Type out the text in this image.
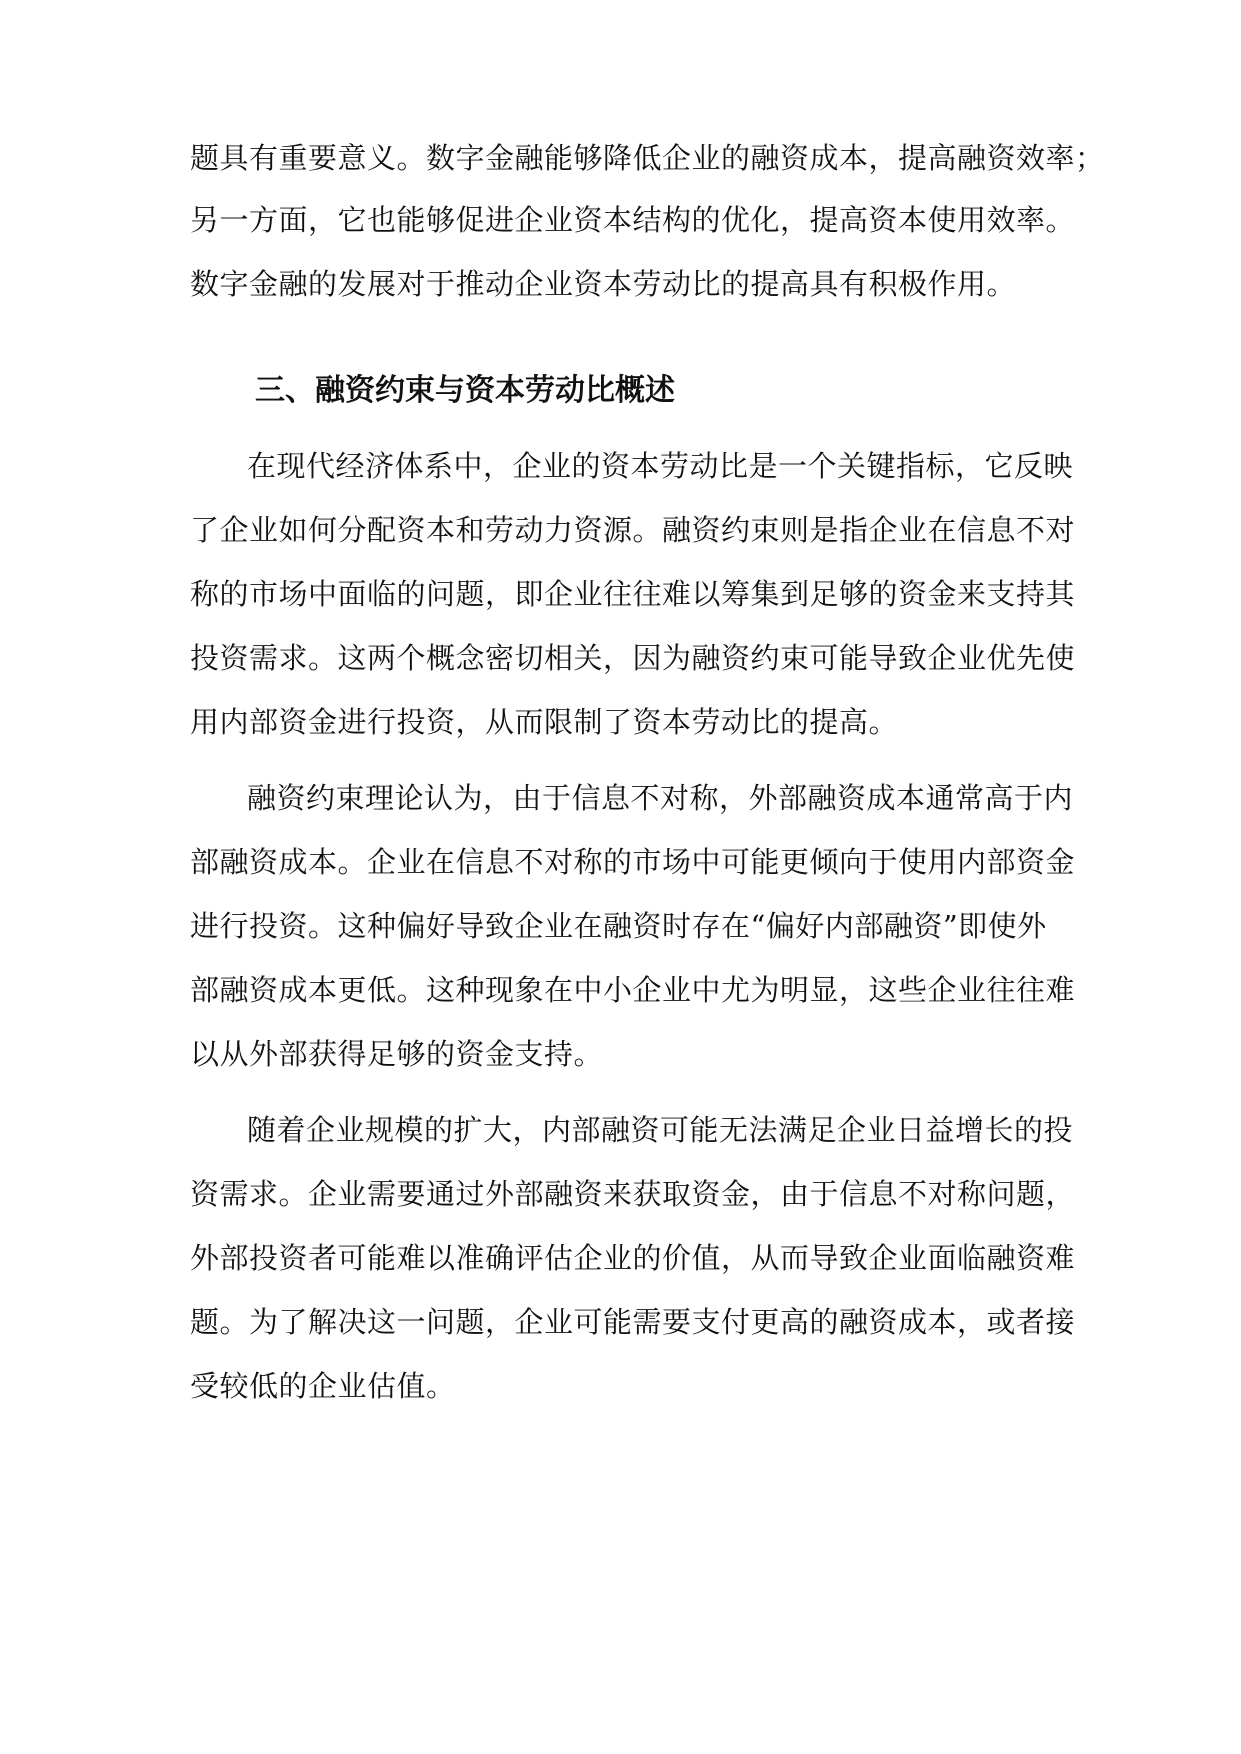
题具有重要意义。数字金融能够降低企业的融资成本，提高融资效率；
另一方面，它也能够促进企业资本结构的优化，提高资本使用效率。
数字金融的发展对于推动企业资本劳动比的提高具有积极作用。
三、融资约束与资本劳动比概述
在现代经济体系中，企业的资本劳动比是一个关键指标，它反映
了企业如何分配资本和劳动力资源。融资约束则是指企业在信息不对
称的市场中面临的问题，即企业往往难以筹集到足够的资金来支持其
投资需求。这两个概念密切相关，因为融资约束可能导致企业优先使
用内部资金进行投资，从而限制了资本劳动比的提高。
融资约束理论认为，由于信息不对称，外部融资成本通常高于内
部融资成本。企业在信息不对称的市场中可能更倾向于使用内部资金
进行投资。这种偏好导致企业在融资时存在“偏好内部融资”即使外
部融资成本更低。这种现象在中小企业中尤为明显，这些企业往往难
以从外部获得足够的资金支持。
随着企业规模的扩大，内部融资可能无法满足企业日益增长的投
资需求。企业需要通过外部融资来获取资金，由于信息不对称问题，
外部投资者可能难以准确评估企业的价值，从而导致企业面临融资难
题。为了解决这一问题，企业可能需要支付更高的融资成本，或者接
受较低的企业估值。
